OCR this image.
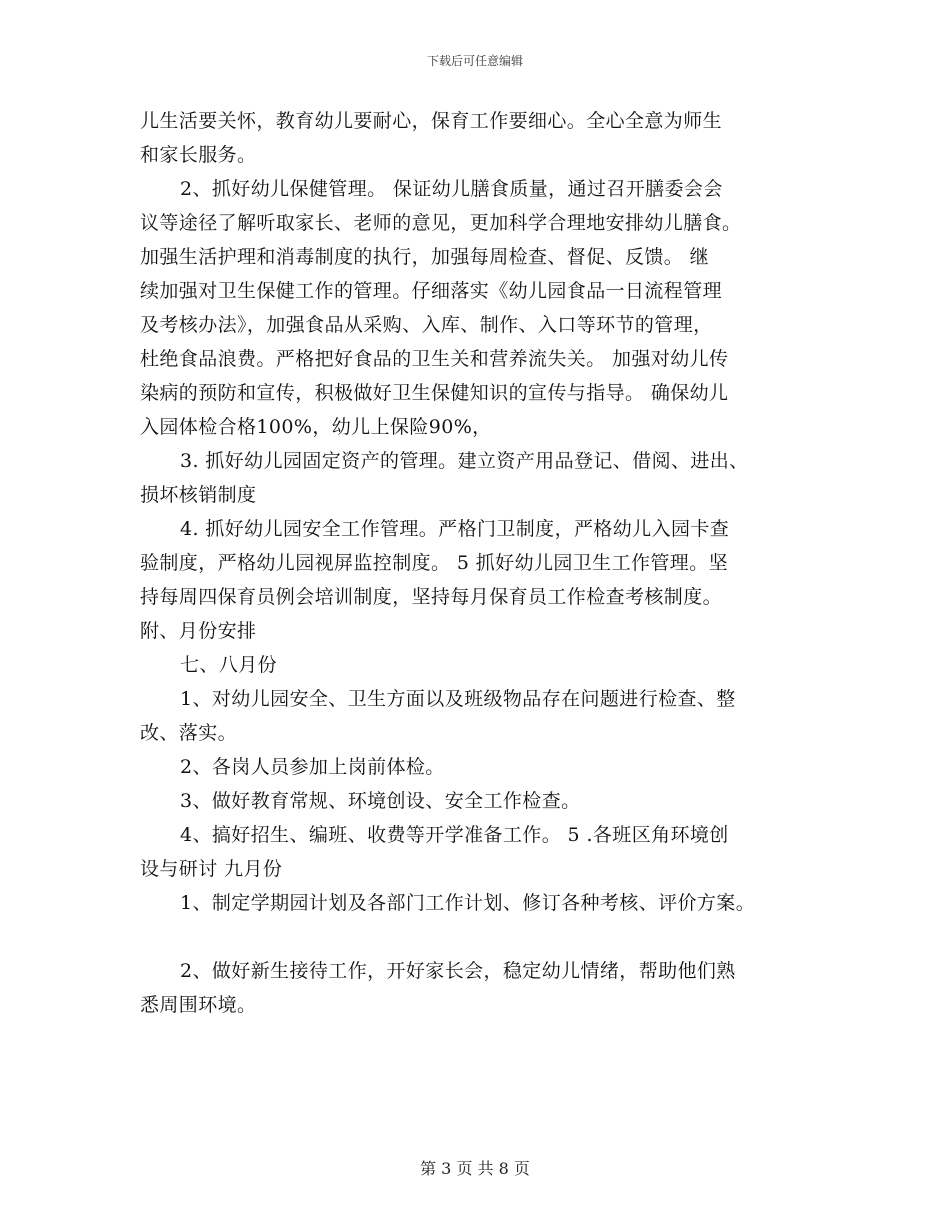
下载后可任意编辑
儿生活要关怀，教育幼儿要耐心，保育工作要细心。全心全意为师生
和家长服务。
2、抓好幼儿保健管理。 保证幼儿膳食质量，通过召开膳委会会
议等途径了解听取家长、老师的意见，更加科学合理地安排幼儿膳食。
加强生活护理和消毒制度的执行，加强每周检查、督促、反馈。 继
续加强对卫生保健工作的管理。仔细落实《幼儿园食品一日流程管理
及考核办法》，加强食品从采购、入库、制作、入口等环节的管理，
杜绝食品浪费。严格把好食品的卫生关和营养流失关。 加强对幼儿传
染病的预防和宣传，积极做好卫生保健知识的宣传与指导。 确保幼儿
入园体检合格100%，幼儿上保险90%，
3. 抓好幼儿园固定资产的管理。建立资产用品登记、借阅、进出、
损坏核销制度
4. 抓好幼儿园安全工作管理。严格门卫制度，严格幼儿入园卡查
验制度，严格幼儿园视屏监控制度。 5 抓好幼儿园卫生工作管理。坚
持每周四保育员例会培训制度，坚持每月保育员工作检查考核制度。
附、月份安排
七、八月份
1、对幼儿园安全、卫生方面以及班级物品存在问题进行检查、整
改、落实。
2、各岗人员参加上岗前体检。
3、做好教育常规、环境创设、安全工作检查。
4、搞好招生、编班、收费等开学准备工作。 5 .各班区角环境创
设与研讨 九月份
1、制定学期园计划及各部门工作计划、修订各种考核、评价方案。
2、做好新生接待工作，开好家长会，稳定幼儿情绪，帮助他们熟
悉周围环境。
第 3 页 共 8 页
